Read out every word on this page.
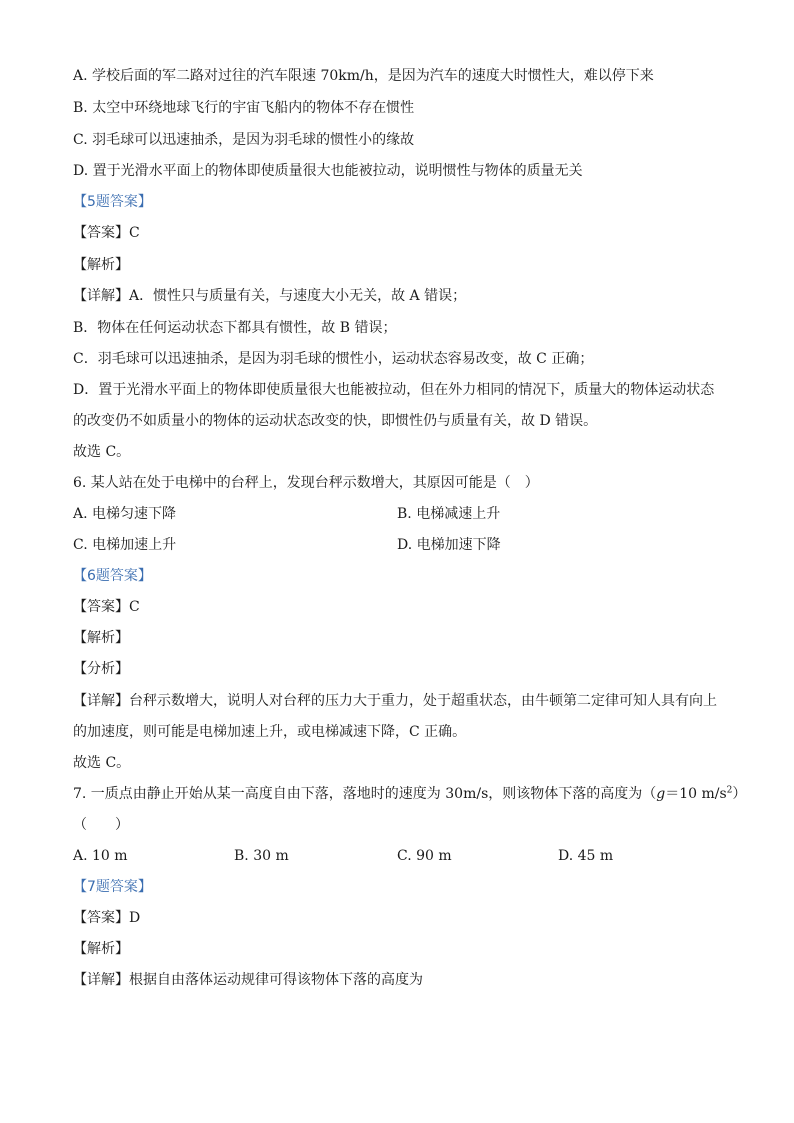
A. 学校后面的军二路对过往的汽车限速 70km/h，是因为汽车的速度大时惯性大，难以停下来
B. 太空中环绕地球飞行的宇宙飞船内的物体不存在惯性
C. 羽毛球可以迅速抽杀，是因为羽毛球的惯性小的缘故
D. 置于光滑水平面上的物体即使质量很大也能被拉动，说明惯性与物体的质量无关
【5题答案】
【答案】C
【解析】
【详解】A．惯性只与质量有关，与速度大小无关，故 A 错误；
B．物体在任何运动状态下都具有惯性，故 B 错误；
C．羽毛球可以迅速抽杀，是因为羽毛球的惯性小，运动状态容易改变，故 C 正确；
D．置于光滑水平面上的物体即使质量很大也能被拉动，但在外力相同的情况下，质量大的物体运动状态
的改变仍不如质量小的物体的运动状态改变的快，即惯性仍与质量有关，故 D 错误。
故选 C。
6. 某人站在处于电梯中的台秤上，发现台秤示数增大，其原因可能是（　）
A. 电梯匀速下降	B. 电梯减速上升
C. 电梯加速上升	D. 电梯加速下降
【6题答案】
【答案】C
【解析】
【分析】
【详解】台秤示数增大，说明人对台秤的压力大于重力，处于超重状态，由牛顿第二定律可知人具有向上
的加速度，则可能是电梯加速上升，或电梯减速下降，C 正确。
故选 C。
7. 一质点由静止开始从某一高度自由下落，落地时的速度为 30m/s，则该物体下落的高度为（g＝10 $m/s^2$）
（　　）
A. 10 m	B. 30 m	C. 90 m	D. 45 m
【7题答案】
【答案】D
【解析】
【详解】根据自由落体运动规律可得该物体下落的高度为
